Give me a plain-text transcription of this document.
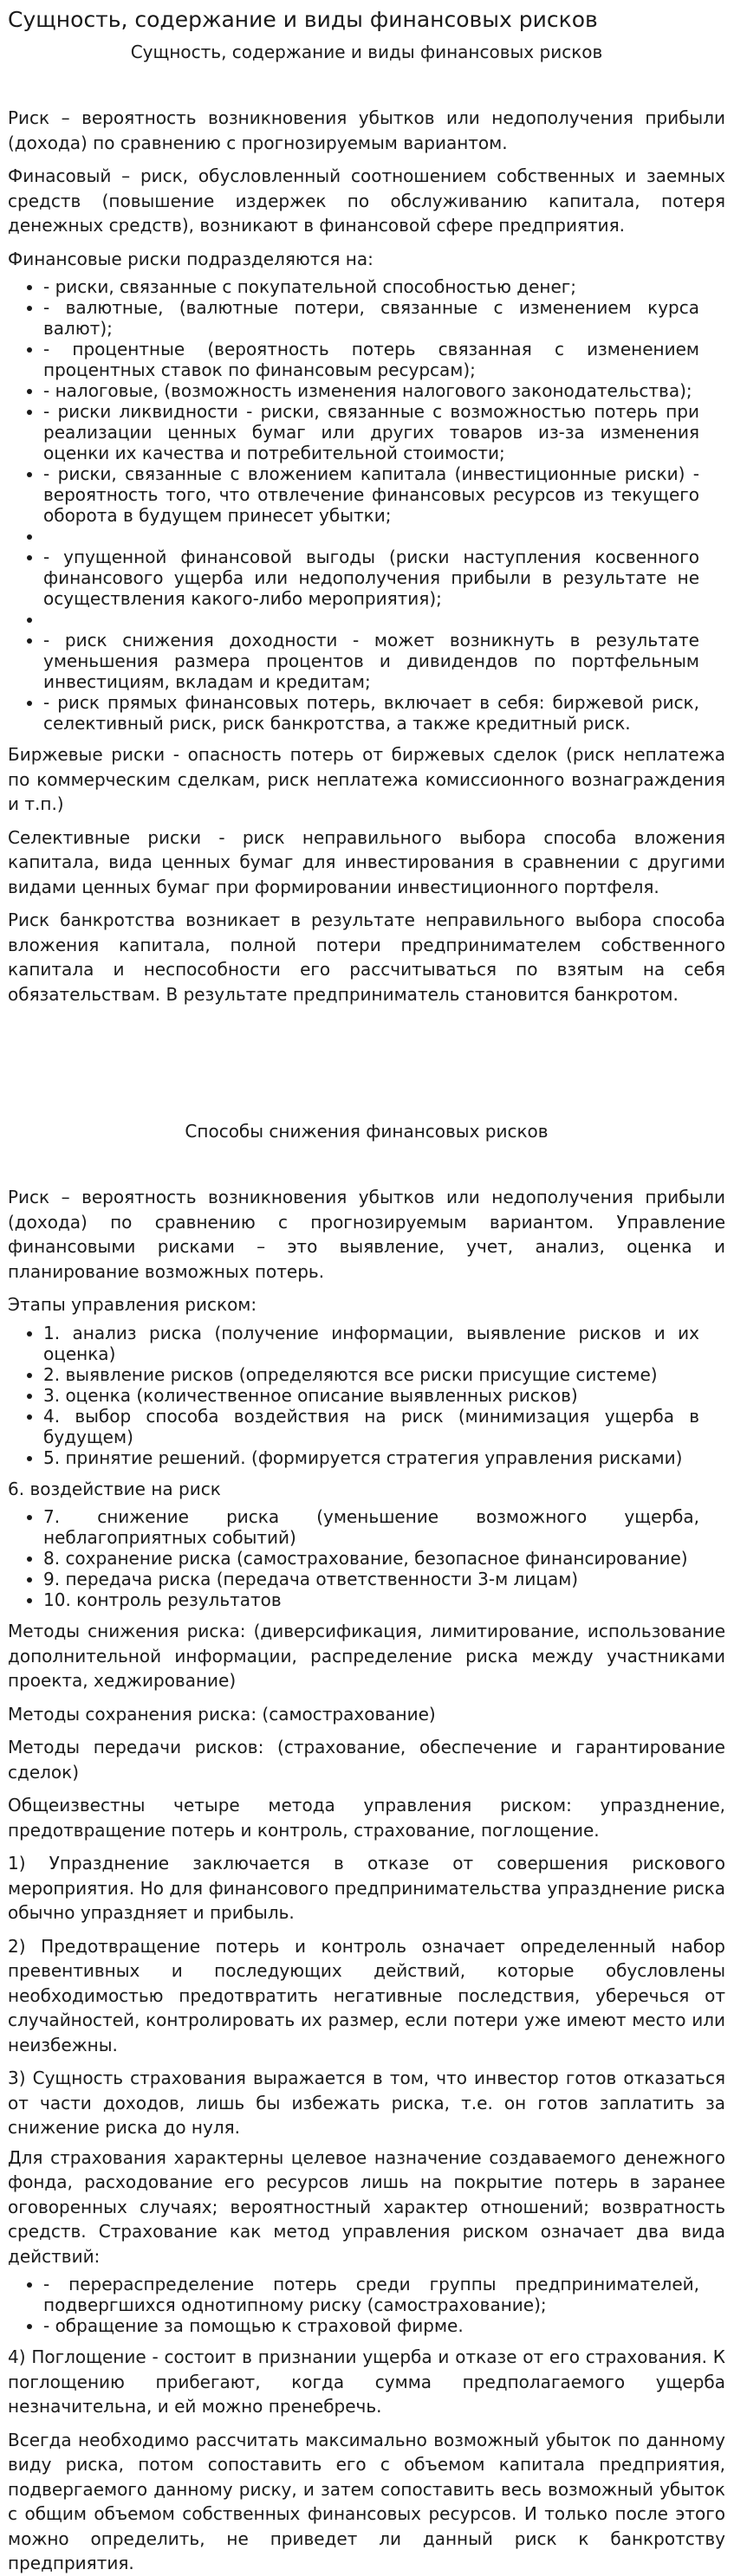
Сущность, содержание и виды финансовых рисков
Сущность, содержание и виды финансовых рисков

Риск – вероятность возникновения убытков или недополучения прибыли (дохода) по сравнению с прогнозируемым вариантом.

Финасовый – риск, обусловленный соотношением собственных и заемных средств (повышение издержек по обслуживанию капитала, потеря денежных средств), возникают в финансовой сфере предприятия.

Финансовые риски подразделяются на:

• - риски, связанные с покупательной способностью денег;
• - валютные, (валютные потери, связанные с изменением курса валют);
• - процентные (вероятность потерь связанная с изменением процентных ставок по финансовым ресурсам);
• - налоговые, (возможность изменения налогового законодательства);
• - риски ликвидности - риски, связанные с возможностью потерь при реализации ценных бумаг или других товаров из-за изменения оценки их качества и потребительной стоимости;
• - риски, связанные с вложением капитала (инвестиционные риски) - вероятность того, что отвлечение финансовых ресурсов из текущего оборота в будущем принесет убытки;
•
• - упущенной финансовой выгоды (риски наступления косвенного финансового ущерба или недополучения прибыли в результате не осуществления какого-либо мероприятия);
•
• - риск снижения доходности - может возникнуть в результате уменьшения размера процентов и дивидендов по портфельным инвестициям, вкладам и кредитам;
• - риск прямых финансовых потерь, включает в себя: биржевой риск, селективный риск, риск банкротства, а также кредитный риск.

Биржевые риски - опасность потерь от биржевых сделок (риск неплатежа по коммерческим сделкам, риск неплатежа комиссионного вознаграждения и т.п.)

Селективные риски - риск неправильного выбора способа вложения капитала, вида ценных бумаг для инвестирования в сравнении с другими видами ценных бумаг при формировании инвестиционного портфеля.

Риск банкротства возникает в результате неправильного выбора способа вложения капитала, полной потери предпринимателем собственного капитала и неспособности его рассчитываться по взятым на себя обязательствам. В результате предприниматель становится банкротом.

Способы снижения финансовых рисков

Риск – вероятность возникновения убытков или недополучения прибыли (дохода) по сравнению с прогнозируемым вариантом. Управление финансовыми рисками – это выявление, учет, анализ, оценка и планирование возможных потерь.

Этапы управления риском:

• 1. анализ риска (получение информации, выявление рисков и их оценка)
• 2. выявление рисков (определяются все риски присущие системе)
• 3. оценка (количественное описание выявленных рисков)
• 4. выбор способа воздействия на риск (минимизация ущерба в будущем)
• 5. принятие решений. (формируется стратегия управления рисками)

6. воздействие на риск

• 7. снижение риска (уменьшение возможного ущерба, неблагоприятных событий)
• 8. сохранение риска (самострахование, безопасное финансирование)
• 9. передача риска (передача ответственности 3-м лицам)
• 10. контроль результатов

Методы снижения риска: (диверсификация, лимитирование, использование дополнительной информации, распределение риска между участниками проекта, хеджирование)

Методы сохранения риска: (самострахование)

Методы передачи рисков: (страхование, обеспечение и гарантирование сделок)

Общеизвестны четыре метода управления риском: упразднение, предотвращение потерь и контроль, страхование, поглощение.

1) Упразднение заключается в отказе от совершения рискового мероприятия. Но для финансового предпринимательства упразднение риска обычно упраздняет и прибыль.

2) Предотвращение потерь и контроль означает определенный набор превентивных и последующих действий, которые обусловлены необходимостью предотвратить негативные последствия, уберечься от случайностей, контролировать их размер, если потери уже имеют место или неизбежны.

3) Сущность страхования выражается в том, что инвестор готов отказаться от части доходов, лишь бы избежать риска, т.е. он готов заплатить за снижение риска до нуля.

Для страхования характерны целевое назначение создаваемого денежного фонда, расходование его ресурсов лишь на покрытие потерь в заранее оговоренных случаях; вероятностный характер отношений; возвратность средств. Страхование как метод управления риском означает два вида действий:

• - перераспределение потерь среди группы предпринимателей, подвергшихся однотипному риску (самострахование);
• - обращение за помощью к страховой фирме.

4) Поглощение - состоит в признании ущерба и отказе от его страхования. К поглощению прибегают, когда сумма предполагаемого ущерба незначительна, и ей можно пренебречь.

Всегда необходимо рассчитать максимально возможный убыток по данному виду риска, потом сопоставить его с объемом капитала предприятия, подвергаемого данному риску, и затем сопоставить весь возможный убыток с общим объемом собственных финансовых ресурсов. И только после этого можно определить, не приведет ли данный риск к банкротству предприятия.
